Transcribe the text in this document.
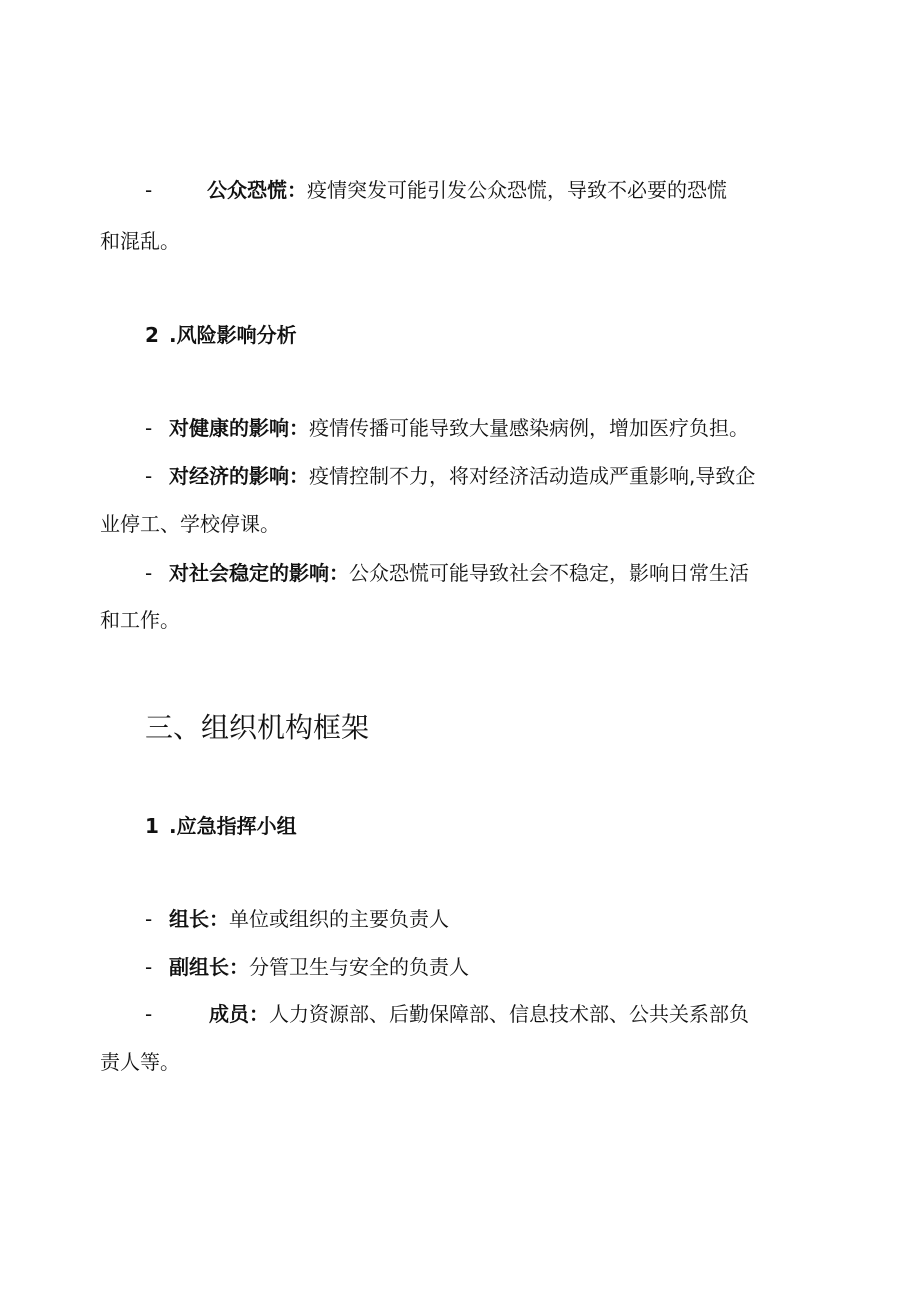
-	公众恐慌：疫情突发可能引发公众恐慌，导致不必要的恐慌
和混乱。
2 .风险影响分析
- 对健康的影响：疫情传播可能导致大量感染病例，增加医疗负担。
- 对经济的影响：疫情控制不力，将对经济活动造成严重影响,导致企
业停工、学校停课。
- 对社会稳定的影响：公众恐慌可能导致社会不稳定，影响日常生活
和工作。
三、组织机构框架
1 .应急指挥小组
- 组长：单位或组织的主要负责人
- 副组长：分管卫生与安全的负责人
-	成员：人力资源部、后勤保障部、信息技术部、公共关系部负
责人等。
